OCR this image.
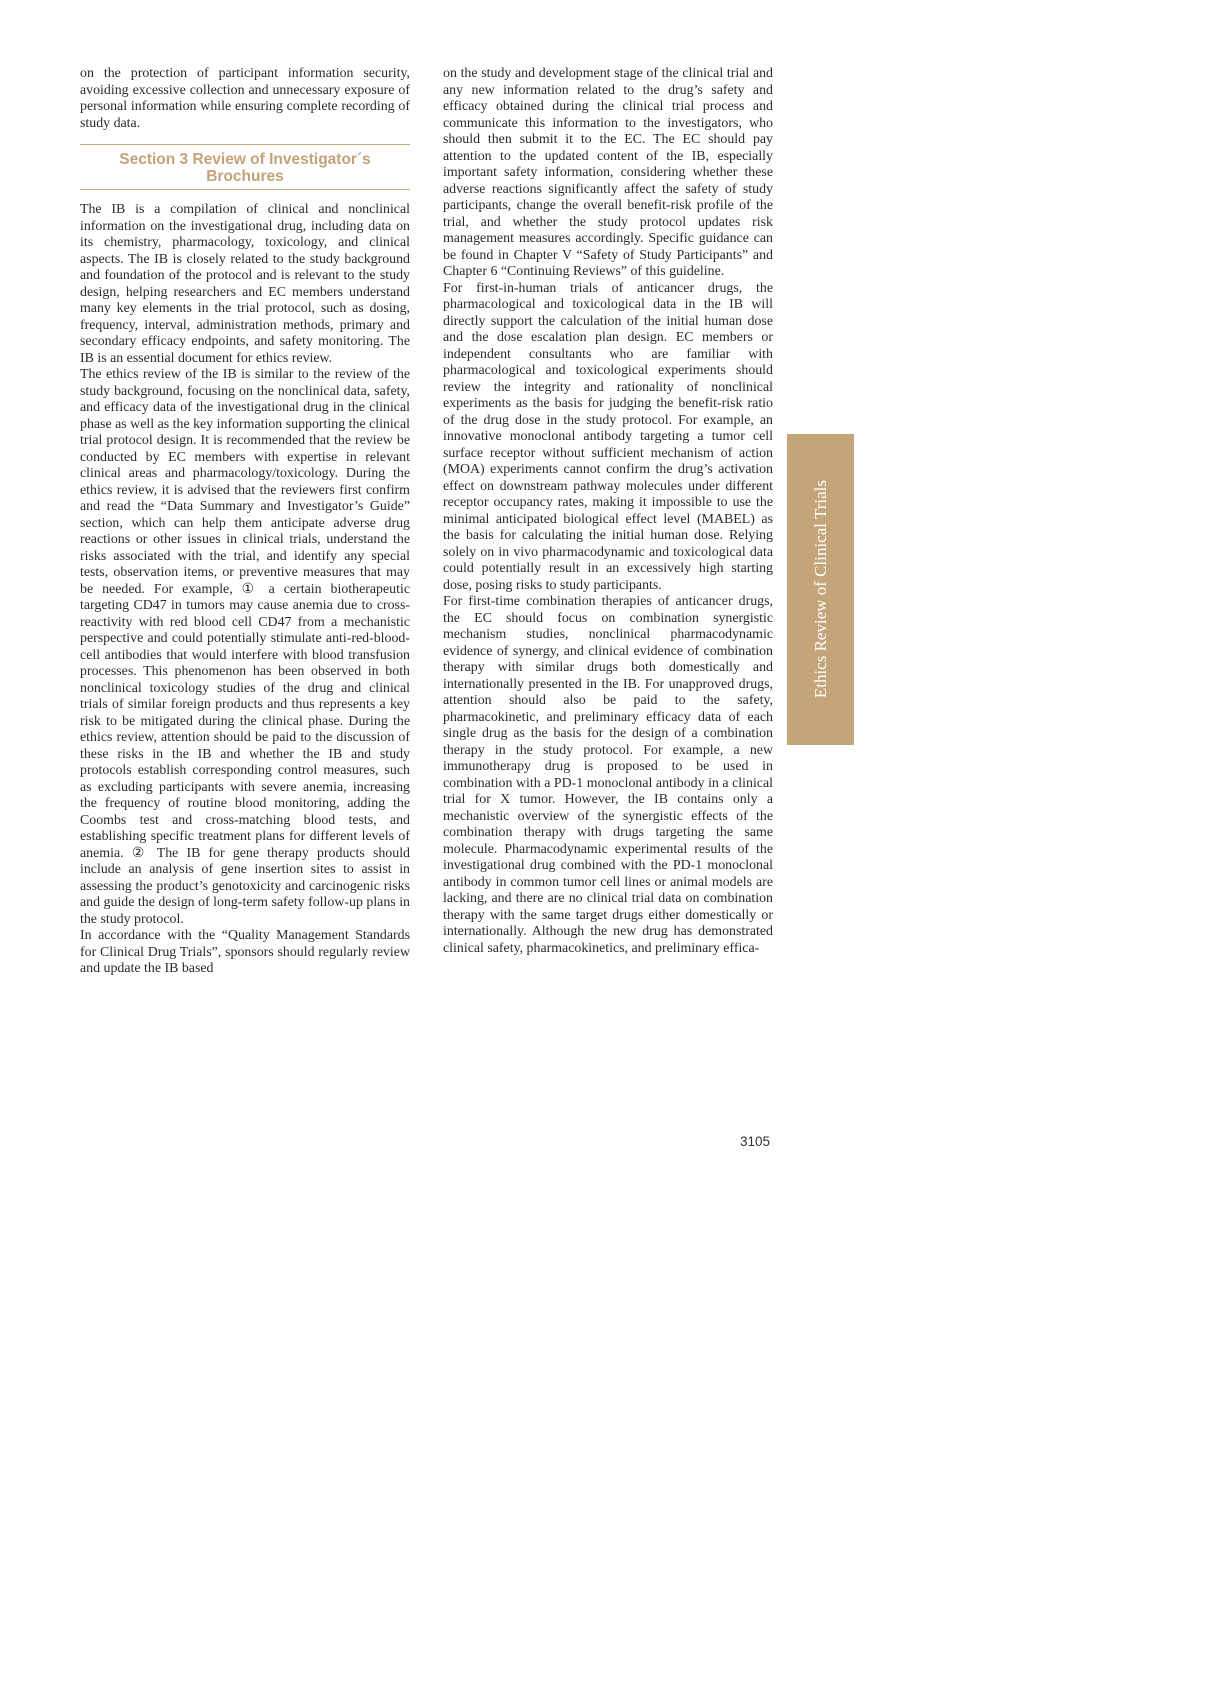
on the protection of participant information security, avoiding excessive collection and unnecessary exposure of personal information while ensuring complete recording of study data.

Section 3 Review of Investigator´s
Brochures

The IB is a compilation of clinical and nonclinical information on the investigational drug, including data on its chemistry, pharmacology, toxicology, and clinical aspects. The IB is closely related to the study background and foundation of the protocol and is relevant to the study design, helping researchers and EC members understand many key elements in the trial protocol, such as dosing, frequency, interval, administration methods, primary and secondary efficacy endpoints, and safety monitoring. The IB is an essential document for ethics review.

The ethics review of the IB is similar to the review of the study background, focusing on the nonclinical data, safety, and efficacy data of the investigational drug in the clinical phase as well as the key information supporting the clinical trial protocol design. It is recommended that the review be conducted by EC members with expertise in relevant clinical areas and pharmacology/toxicology. During the ethics review, it is advised that the reviewers first confirm and read the “Data Summary and Investigator’s Guide” section, which can help them anticipate adverse drug reactions or other issues in clinical trials, understand the risks associated with the trial, and identify any special tests, observation items, or preventive measures that may be needed. For example, ① a certain biotherapeutic targeting CD47 in tumors may cause anemia due to cross-reactivity with red blood cell CD47 from a mechanistic perspective and could potentially stimulate anti-red-blood-cell antibodies that would interfere with blood transfusion processes. This phenomenon has been observed in both nonclinical toxicology studies of the drug and clinical trials of similar foreign products and thus represents a key risk to be mitigated during the clinical phase. During the ethics review, attention should be paid to the discussion of these risks in the IB and whether the IB and study protocols establish corresponding control measures, such as excluding participants with severe anemia, increasing the frequency of routine blood monitoring, adding the Coombs test and cross-matching blood tests, and establishing specific treatment plans for different levels of anemia. ② The IB for gene therapy products should include an analysis of gene insertion sites to assist in assessing the product’s genotoxicity and carcinogenic risks and guide the design of long-term safety follow-up plans in the study protocol.

In accordance with the “Quality Management Standards for Clinical Drug Trials”, sponsors should regularly review and update the IB based

on the study and development stage of the clinical trial and any new information related to the drug’s safety and efficacy obtained during the clinical trial process and communicate this information to the investigators, who should then submit it to the EC. The EC should pay attention to the updated content of the IB, especially important safety information, considering whether these adverse reactions significantly affect the safety of study participants, change the overall benefit-risk profile of the trial, and whether the study protocol updates risk management measures accordingly. Specific guidance can be found in Chapter V “Safety of Study Participants” and Chapter 6 “Continuing Reviews” of this guideline.

For first-in-human trials of anticancer drugs, the pharmacological and toxicological data in the IB will directly support the calculation of the initial human dose and the dose escalation plan design. EC members or independent consultants who are familiar with pharmacological and toxicological experiments should review the integrity and rationality of nonclinical experiments as the basis for judging the benefit-risk ratio of the drug dose in the study protocol. For example, an innovative monoclonal antibody targeting a tumor cell surface receptor without sufficient mechanism of action (MOA) experiments cannot confirm the drug’s activation effect on downstream pathway molecules under different receptor occupancy rates, making it impossible to use the minimal anticipated biological effect level (MABEL) as the basis for calculating the initial human dose. Relying solely on in vivo pharmacodynamic and toxicological data could potentially result in an excessively high starting dose, posing risks to study participants.

For first-time combination therapies of anticancer drugs, the EC should focus on combination synergistic mechanism studies, nonclinical pharmacodynamic evidence of synergy, and clinical evidence of combination therapy with similar drugs both domestically and internationally presented in the IB. For unapproved drugs, attention should also be paid to the safety, pharmacokinetic, and preliminary efficacy data of each single drug as the basis for the design of a combination therapy in the study protocol. For example, a new immunotherapy drug is proposed to be used in combination with a PD-1 monoclonal antibody in a clinical trial for X tumor. However, the IB contains only a mechanistic overview of the synergistic effects of the combination therapy with drugs targeting the same molecule. Pharmacodynamic experimental results of the investigational drug combined with the PD-1 monoclonal antibody in common tumor cell lines or animal models are lacking, and there are no clinical trial data on combination therapy with the same target drugs either domestically or internationally. Although the new drug has demonstrated clinical safety, pharmacokinetics, and preliminary effica-

Ethics Review of Clinical Trials
3105
